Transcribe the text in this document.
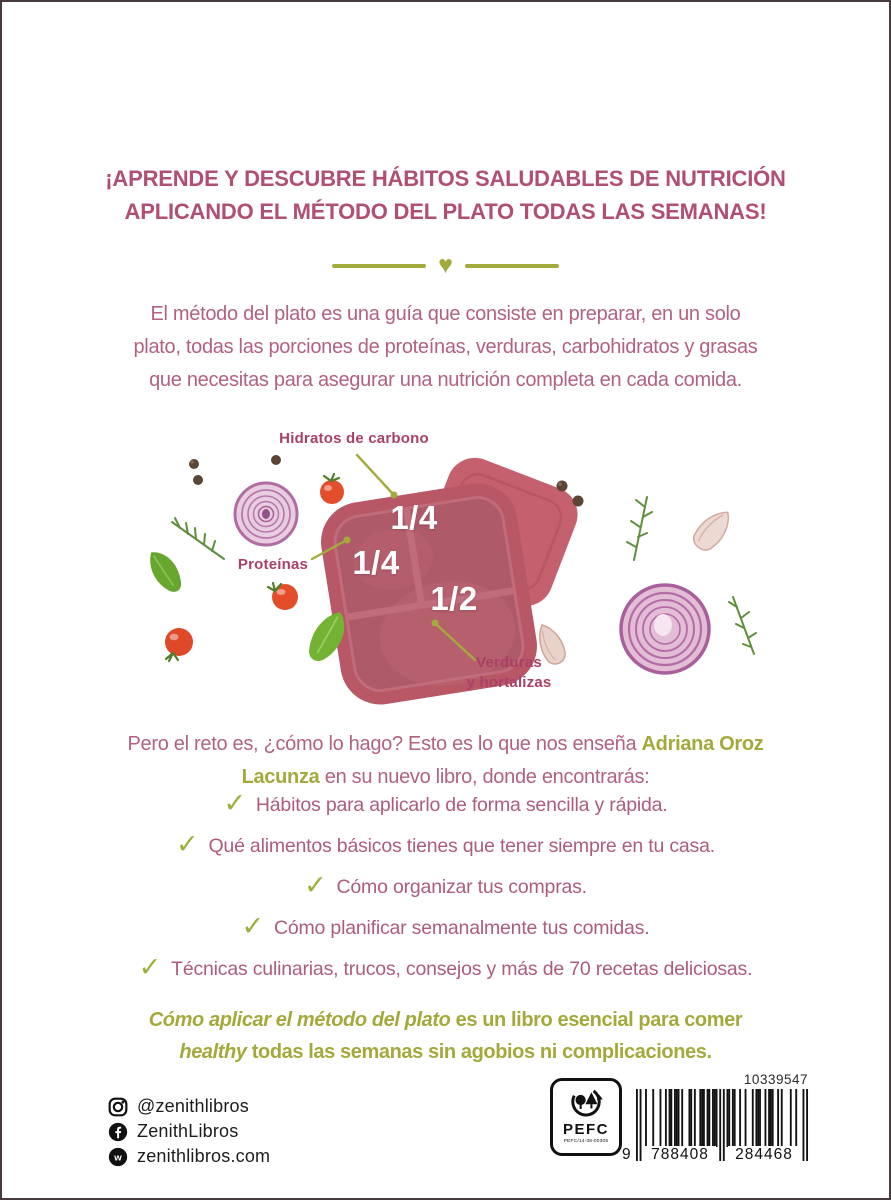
¡APRENDE Y DESCUBRE HÁBITOS SALUDABLES DE NUTRICIÓN
APLICANDO EL MÉTODO DEL PLATO TODAS LAS SEMANAS!
♥
El método del plato es una guía que consiste en preparar, en un solo
plato, todas las porciones de proteínas, verduras, carbohidratos y grasas
que necesitas para asegurar una nutrición completa en cada comida.
Hidratos de carbono
Proteínas
Verduras
y hortalizas
1/4
1/4
1/2
Pero el reto es, ¿cómo lo hago? Esto es lo que nos enseña Adriana Oroz
Lacunza en su nuevo libro, donde encontrarás:
✓ Hábitos para aplicarlo de forma sencilla y rápida.
✓ Qué alimentos básicos tienes que tener siempre en tu casa.
✓ Cómo organizar tus compras.
✓ Cómo planificar semanalmente tus comidas.
✓ Técnicas culinarias, trucos, consejos y más de 70 recetas deliciosas.
Cómo aplicar el método del plato es un libro esencial para comer
healthy todas las semanas sin agobios ni complicaciones.
@zenithlibros
ZenithLibros
w zenithlibros.com
PEFC
PEFC/14-38-00305
10339547
9	788408	284468
